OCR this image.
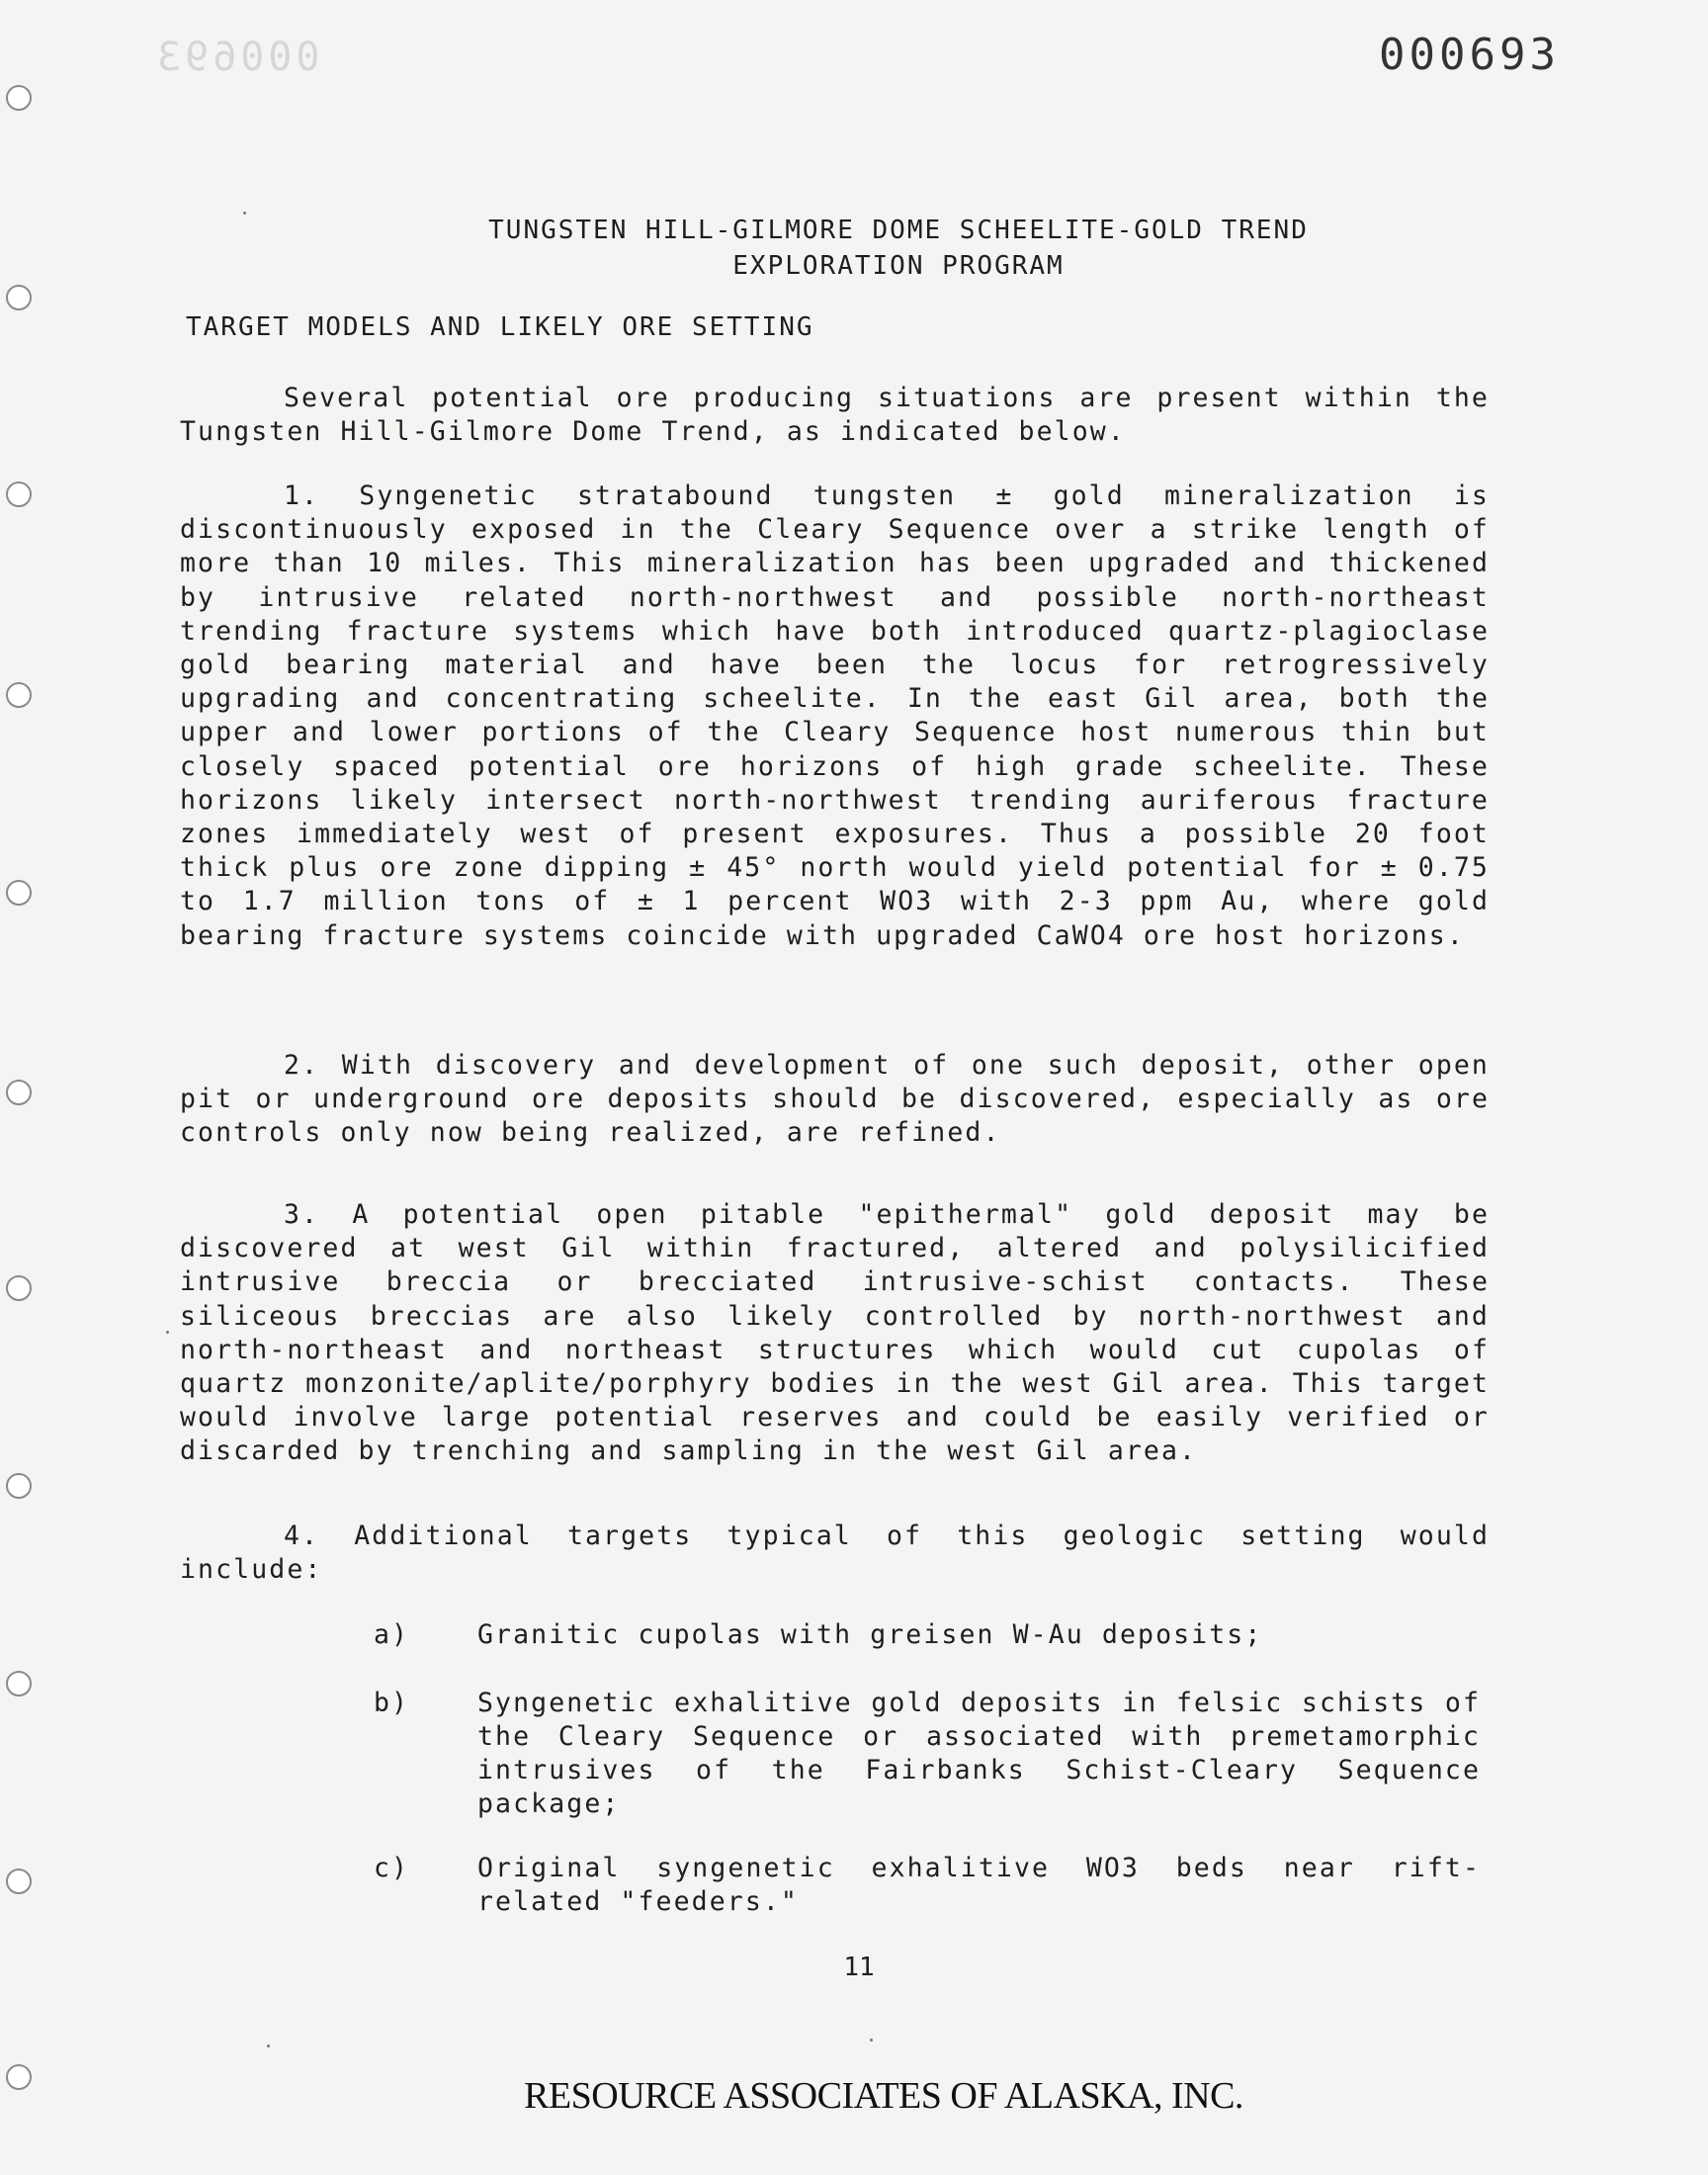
000693	000693
TUNGSTEN HILL-GILMORE DOME SCHEELITE-GOLD TREND
EXPLORATION PROGRAM
TARGET MODELS AND LIKELY ORE SETTING

Several potential ore producing situations are present within the Tungsten Hill-Gilmore Dome Trend, as indicated below.

1. Syngenetic stratabound tungsten ± gold mineralization is discontinuously exposed in the Cleary Sequence over a strike length of more than 10 miles. This mineralization has been upgraded and thickened by intrusive related north-northwest and possible north-northeast trending fracture systems which have both introduced quartz-plagioclase gold bearing material and have been the locus for retrogressively upgrading and concentrating scheelite. In the east Gil area, both the upper and lower portions of the Cleary Sequence host numerous thin but closely spaced potential ore horizons of high grade scheelite. These horizons likely intersect north-northwest trending auriferous fracture zones immediately west of present exposures. Thus a possible 20 foot thick plus ore zone dipping ± 45° north would yield potential for ± 0.75 to 1.7 million tons of ± 1 percent WO3 with 2-3 ppm Au, where gold bearing fracture systems coincide with upgraded CaWO4 ore host horizons.

2. With discovery and development of one such deposit, other open pit or underground ore deposits should be discovered, especially as ore controls only now being realized, are refined.

3. A potential open pitable "epithermal" gold deposit may be discovered at west Gil within fractured, altered and polysilicified intrusive breccia or brecciated intrusive-schist contacts. These siliceous breccias are also likely controlled by north-northwest and north-northeast and northeast structures which would cut cupolas of quartz monzonite/aplite/porphyry bodies in the west Gil area. This target would involve large potential reserves and could be easily verified or discarded by trenching and sampling in the west Gil area.

4. Additional targets typical of this geologic setting would include:

a)	Granitic cupolas with greisen W-Au deposits;
b)	Syngenetic exhalitive gold deposits in felsic schists of the Cleary Sequence or associated with premetamorphic intrusives of the Fairbanks Schist-Cleary Sequence package;
c)	Original syngenetic exhalitive WO3 beds near rift-related "feeders."
11
RESOURCE ASSOCIATES OF ALASKA, INC.
